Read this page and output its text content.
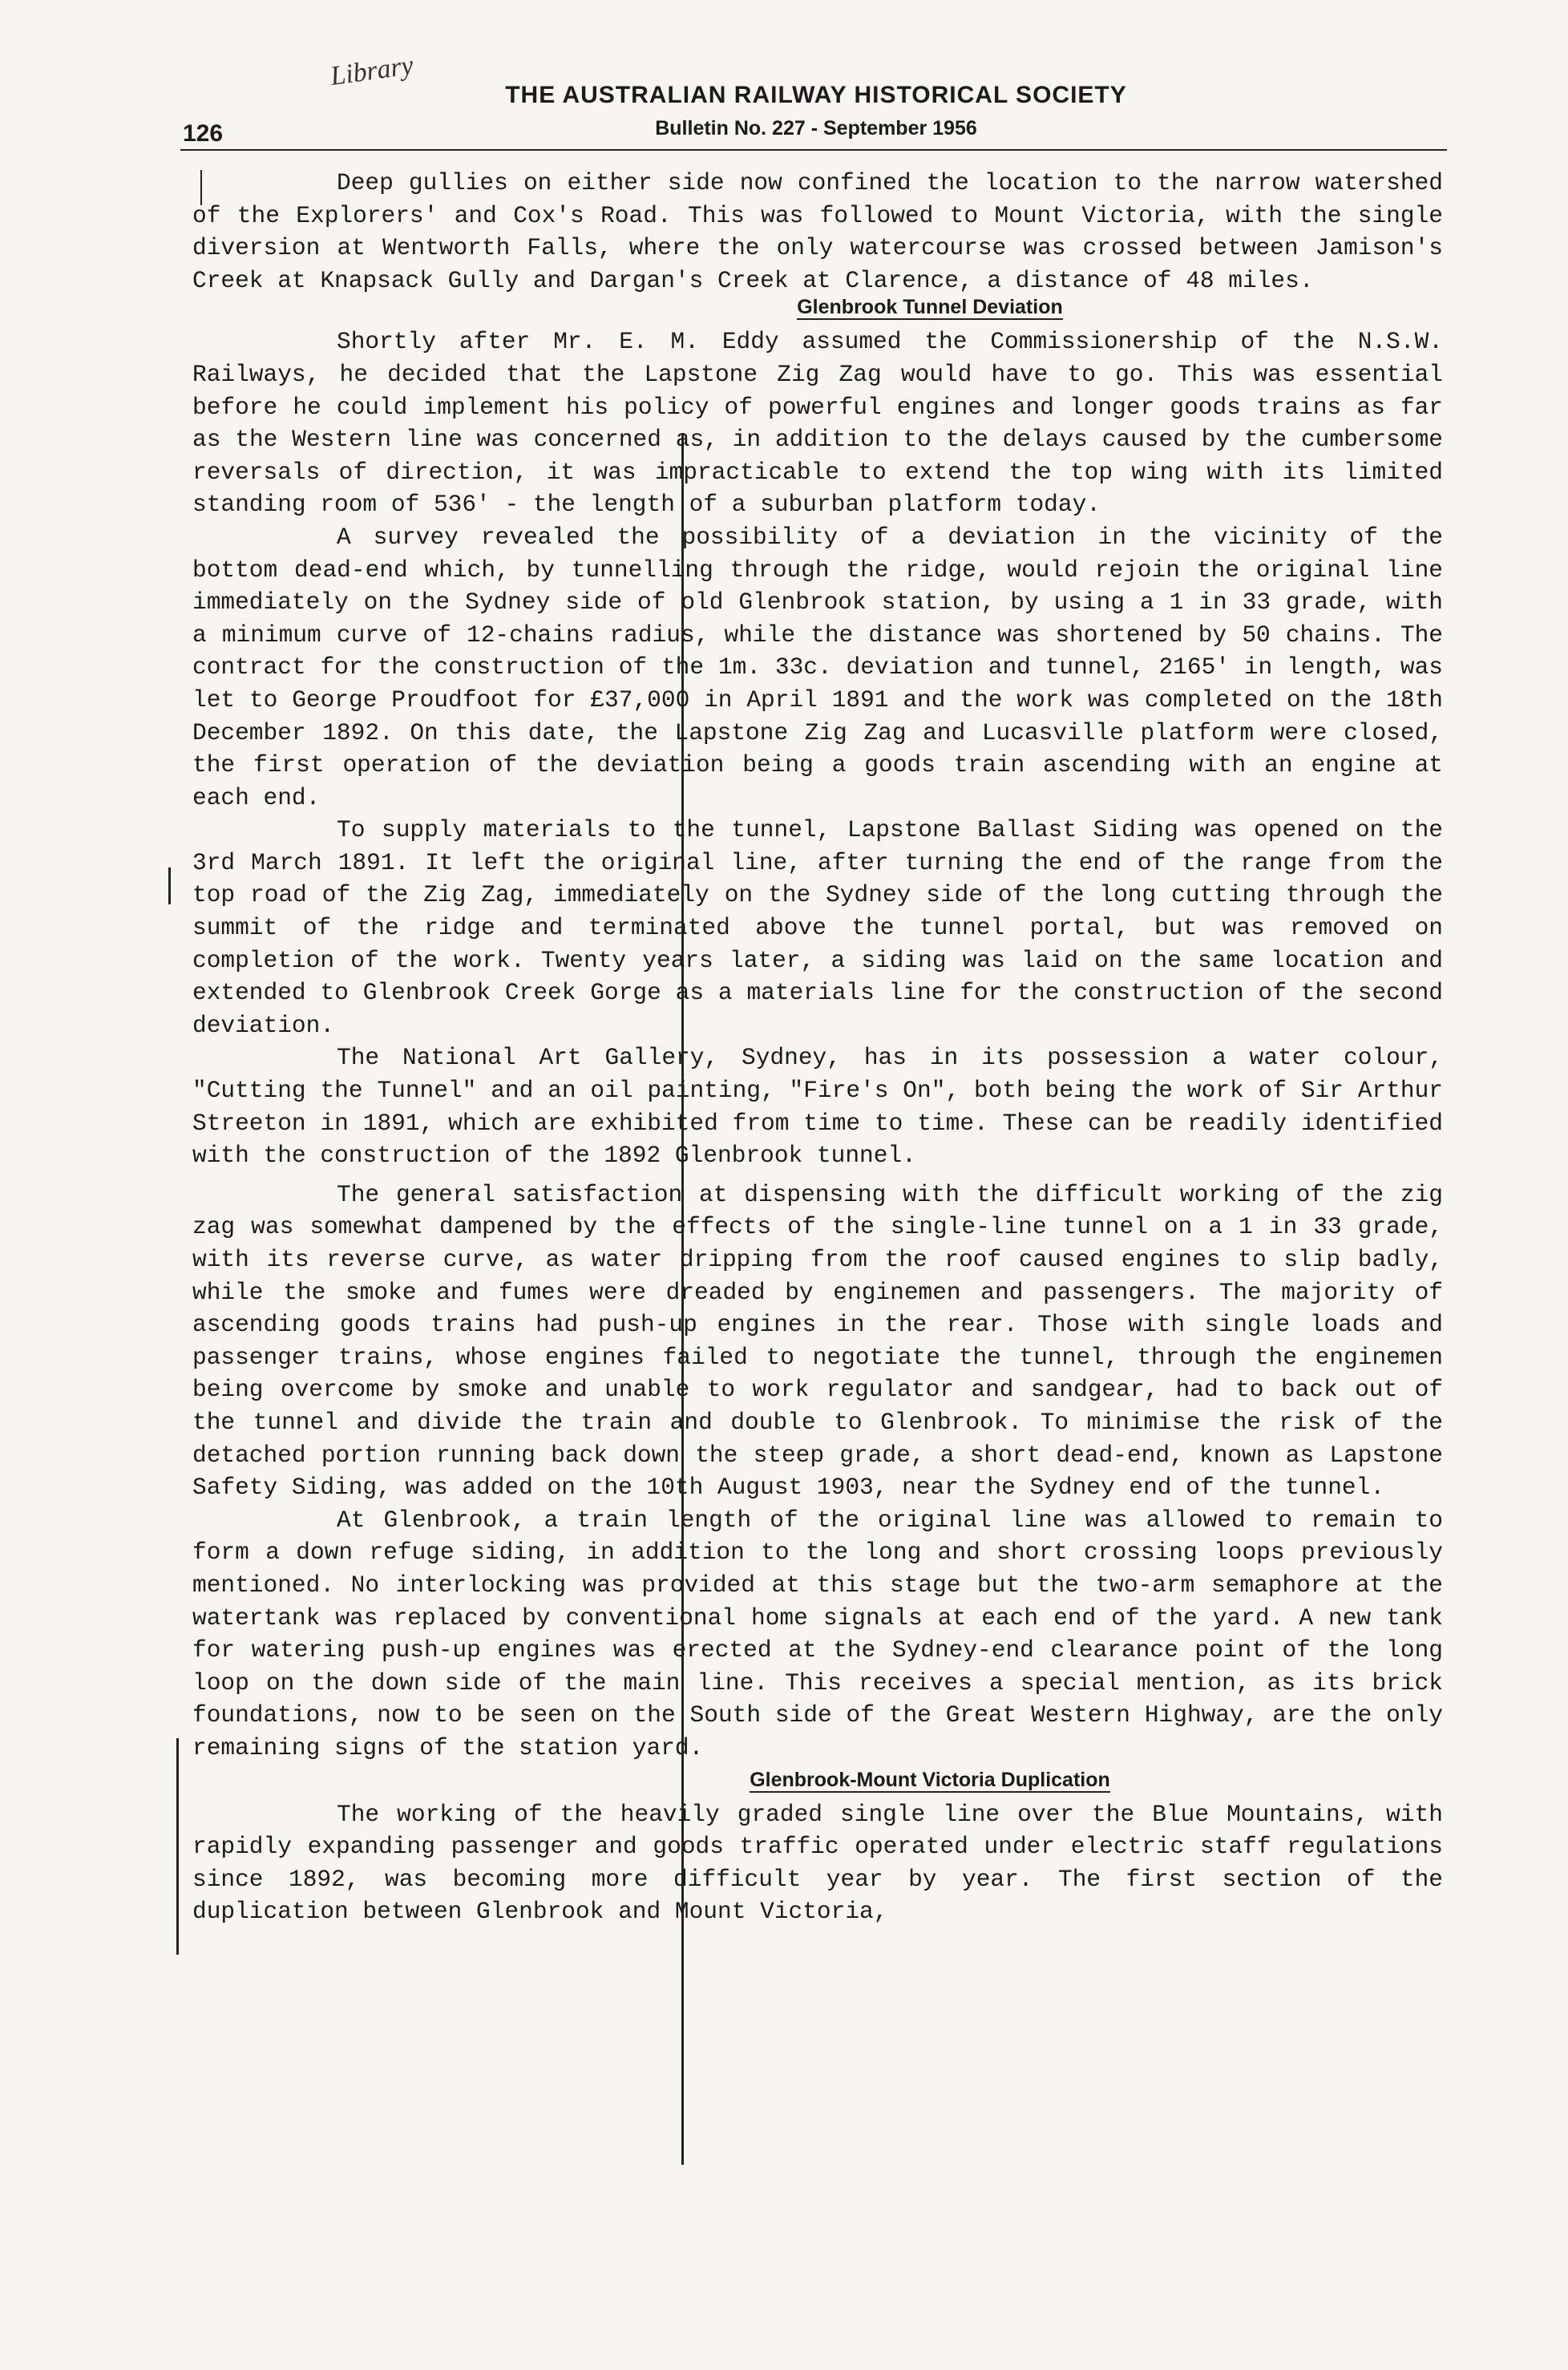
Library
126
THE AUSTRALIAN RAILWAY HISTORICAL SOCIETY
Bulletin No. 227 - September 1956

Deep gullies on either side now confined the location to the narrow watershed of the Explorers' and Cox's Road. This was followed to Mount Victoria, with the single diversion at Wentworth Falls, where the only watercourse was crossed between Jamison's Creek at Knapsack Gully and Dargan's Creek at Clarence, a distance of 48 miles.

Glenbrook Tunnel Deviation

Shortly after Mr. E. M. Eddy assumed the Commissionership of the N.S.W. Railways, he decided that the Lapstone Zig Zag would have to go. This was essential before he could implement his policy of powerful engines and longer goods trains as far as the Western line was concerned as, in addition to the delays caused by the cumbersome reversals of direction, it was impracticable to extend the top wing with its limited standing room of 536' - the length of a suburban platform today.

A survey revealed the possibility of a deviation in the vicinity of the bottom dead-end which, by tunnelling through the ridge, would rejoin the original line immediately on the Sydney side of old Glenbrook station, by using a 1 in 33 grade, with a minimum curve of 12-chains radius, while the distance was shortened by 50 chains. The contract for the construction of the 1m. 33c. deviation and tunnel, 2165' in length, was let to George Proudfoot for £37,000 in April 1891 and the work was completed on the 18th December 1892. On this date, the Lapstone Zig Zag and Lucasville platform were closed, the first operation of the deviation being a goods train ascending with an engine at each end.

To supply materials to the tunnel, Lapstone Ballast Siding was opened on the 3rd March 1891. It left the original line, after turning the end of the range from the top road of the Zig Zag, immediately on the Sydney side of the long cutting through the summit of the ridge and terminated above the tunnel portal, but was removed on completion of the work. Twenty years later, a siding was laid on the same location and extended to Glenbrook Creek Gorge as a materials line for the construction of the second deviation.

The National Art Gallery, Sydney, has in its possession a water colour, "Cutting the Tunnel" and an oil painting, "Fire's On", both being the work of Sir Arthur Streeton in 1891, which are exhibited from time to time. These can be readily identified with the construction of the 1892 Glenbrook tunnel.

The general satisfaction at dispensing with the difficult working of the zig zag was somewhat dampened by the effects of the single-line tunnel on a 1 in 33 grade, with its reverse curve, as water dripping from the roof caused engines to slip badly, while the smoke and fumes were dreaded by enginemen and passengers. The majority of ascending goods trains had push-up engines in the rear. Those with single loads and passenger trains, whose engines failed to negotiate the tunnel, through the enginemen being overcome by smoke and unable to work regulator and sandgear, had to back out of the tunnel and divide the train and double to Glenbrook. To minimise the risk of the detached portion running back down the steep grade, a short dead-end, known as Lapstone Safety Siding, was added on the 10th August 1903, near the Sydney end of the tunnel.

At Glenbrook, a train length of the original line was allowed to remain to form a down refuge siding, in addition to the long and short crossing loops previously mentioned. No interlocking was provided at this stage but the two-arm semaphore at the watertank was replaced by conventional home signals at each end of the yard. A new tank for watering push-up engines was erected at the Sydney-end clearance point of the long loop on the down side of the main line. This receives a special mention, as its brick foundations, now to be seen on the South side of the Great Western Highway, are the only remaining signs of the station yard.

Glenbrook-Mount Victoria Duplication

The working of the heavily graded single line over the Blue Mountains, with rapidly expanding passenger and goods traffic operated under electric staff regulations since 1892, was becoming more difficult year by year. The first section of the duplication between Glenbrook and Mount Victoria,
